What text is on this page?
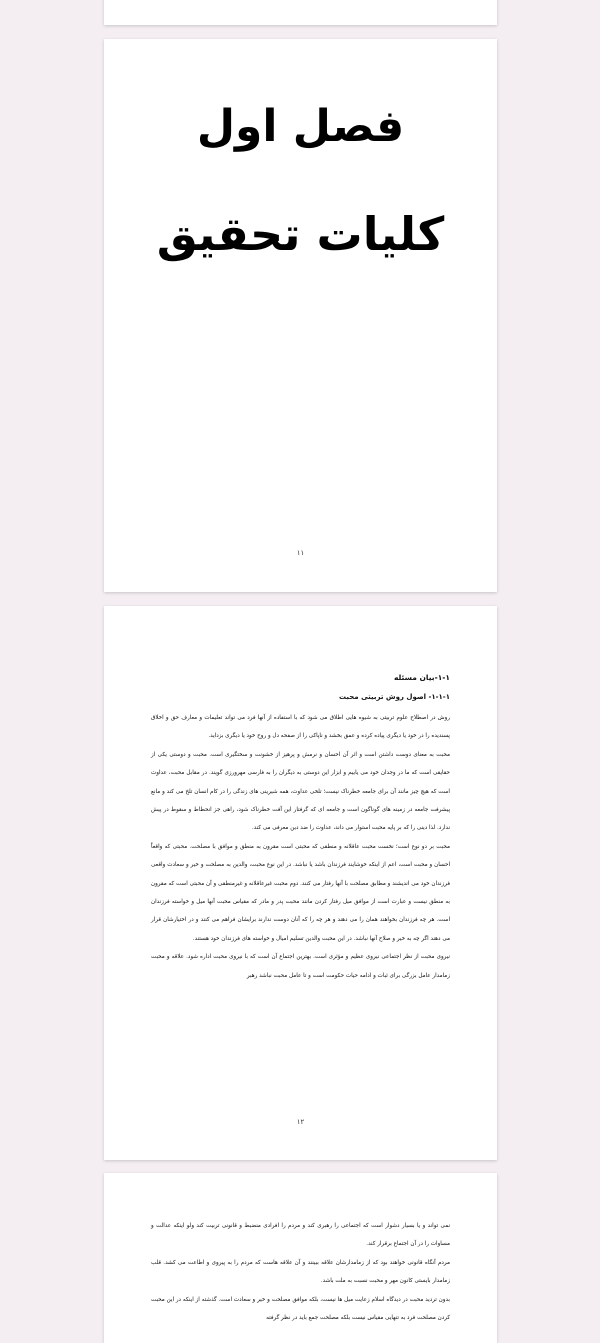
فصل اول
کلیات تحقیق
۱۱
۱-۱-بیان مسئله
۱-۱-۱- اصول روش تربیتی محبت

روش در اصطلاح علوم تربیتی به شیوه هایی اطلاق می شود که با استفاده از آنها فرد می تواند تعلیمات و معارف حق و اخلاق پسندیده را در خود یا دیگری پیاده کرده و عمق بخشد و ناپاکی را از صفحه دل و روح خود یا دیگری بزداید.

محبت به معنای دوست داشتن است و اثر آن احسان و نرمش و پرهیز از خشونت و سختگیری است. محبت و دوستی یکی از حقایقی است که ما در وجدان خود می یابیم و ابزار این دوستی به دیگران را به فارسی مهرورزی گویند. در مقابل محبت، عداوت است که هیچ چیز مانند آن برای جامعه خطرناک نیست؛ تلخی عداوت، همه شیرینی های زندگی را در کام انسان تلخ می کند و مانع پیشرفت جامعه در زمینه های گوناگون است و جامعه ای که گرفتار این آفت خطرناک شود، راهی جز انحطاط و سقوط در پیش ندارد. لذا دینی را که بر پایه محبت استوار می داند، عداوت را ضد دین معرفی می کند.

محبت بر دو نوع است؛ نخست محبت عاقلانه و منطقی که محبتی است مقرون به منطق و موافق با مصلحت. محبتی که واقعاً احسان و محبت است، اعم از اینکه خوشایند فرزندان باشد یا نباشد. در این نوع محبت، والدین به مصلحت و خیر و سعادت واقعی فرزندان خود می اندیشند و مطابق مصلحت با آنها رفتار می کنند. دوم محبت غیرعاقلانه و غیرمنطقی و آن محبتی است که مقرون به منطق نیست و عبارت است از موافق میل رفتار کردن مانند محبت پدر و مادر که مقیاس محبت آنها میل و خواسته فرزندان است. هر چه فرزندان بخواهند همان را می دهند و هر چه را که آنان دوست ندارند برایشان فراهم می کنند و در اختیارشان قرار می دهند اگر چه به خیر و صلاح آنها نباشد. در این محبت والدین تسلیم امیال و خواسته های فرزندان خود هستند.

نیروی محبت از نظر اجتماعی نیروی عظیم و مؤثری است. بهترین اجتماع آن است که با نیروی محبت اداره شود. علاقه و محبت زمامدار عامل بزرگی برای ثبات و ادامه حیات حکومت است و تا عامل محبت نباشد رهبر

۱۲

نمی تواند و یا بسیار دشوار است که اجتماعی را رهبری کند و مردم را افرادی منضبط و قانونی تربیت کند ولو اینکه عدالت و مساوات را در آن اجتماع برقرار کند.

مردم آنگاه قانونی خواهند بود که از زمامدارشان علاقه ببینند و آن علاقه هاست که مردم را به پیروی و اطاعت می کشد. قلب زمامدار بایستی کانون مهر و محبت نسبت به ملت باشد.

بدون تردید محبت در دیدگاه اسلام زعایت میل ها نیست، بلکه موافق مصلحت و خیر و سعادت است. گذشته از اینکه در این محبت کردن مصلحت فرد به تنهایی مقیاس نیست بلکه مصلحت جمع باید در نظر گرفته
